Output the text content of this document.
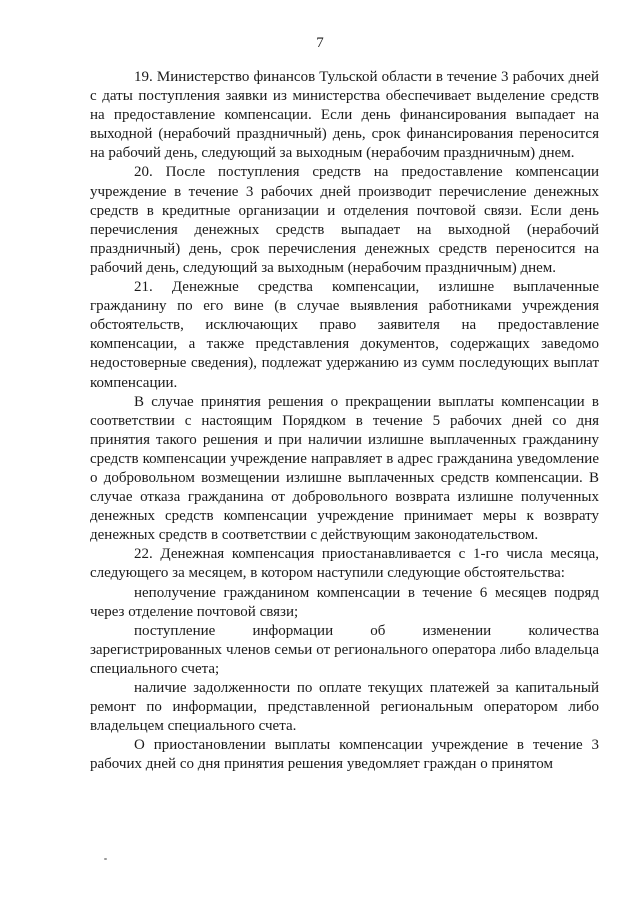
7

19. Министерство финансов Тульской области в течение 3 рабочих дней с даты поступления заявки из министерства обеспечивает выделение средств на предоставление компенсации. Если день финансирования выпадает на выходной (нерабочий праздничный) день, срок финансирования переносится на рабочий день, следующий за выходным (нерабочим праздничным) днем.

20. После поступления средств на предоставление компенсации учреждение в течение 3 рабочих дней производит перечисление денежных средств в кредитные организации и отделения почтовой связи. Если день перечисления денежных средств выпадает на выходной (нерабочий праздничный) день, срок перечисления денежных средств переносится на рабочий день, следующий за выходным (нерабочим праздничным) днем.

21. Денежные средства компенсации, излишне выплаченные гражданину по его вине (в случае выявления работниками учреждения обстоятельств, исключающих право заявителя на предоставление компенсации, а также представления документов, содержащих заведомо недостоверные сведения), подлежат удержанию из сумм последующих выплат компенсации.

В случае принятия решения о прекращении выплаты компенсации в соответствии с настоящим Порядком в течение 5 рабочих дней со дня принятия такого решения и при наличии излишне выплаченных гражданину средств компенсации учреждение направляет в адрес гражданина уведомление о добровольном возмещении излишне выплаченных средств компенсации. В случае отказа гражданина от добровольного возврата излишне полученных денежных средств компенсации учреждение принимает меры к возврату денежных средств в соответствии с действующим законодательством.

22. Денежная компенсация приостанавливается с 1-го числа месяца, следующего за месяцем, в котором наступили следующие обстоятельства:

неполучение гражданином компенсации в течение 6 месяцев подряд через отделение почтовой связи;

поступление информации об изменении количества зарегистрированных членов семьи от регионального оператора либо владельца специального счета;

наличие задолженности по оплате текущих платежей за капитальный ремонт по информации, представленной региональным оператором либо владельцем специального счета.

О приостановлении выплаты компенсации учреждение в течение 3 рабочих дней со дня принятия решения уведомляет граждан о принятом
